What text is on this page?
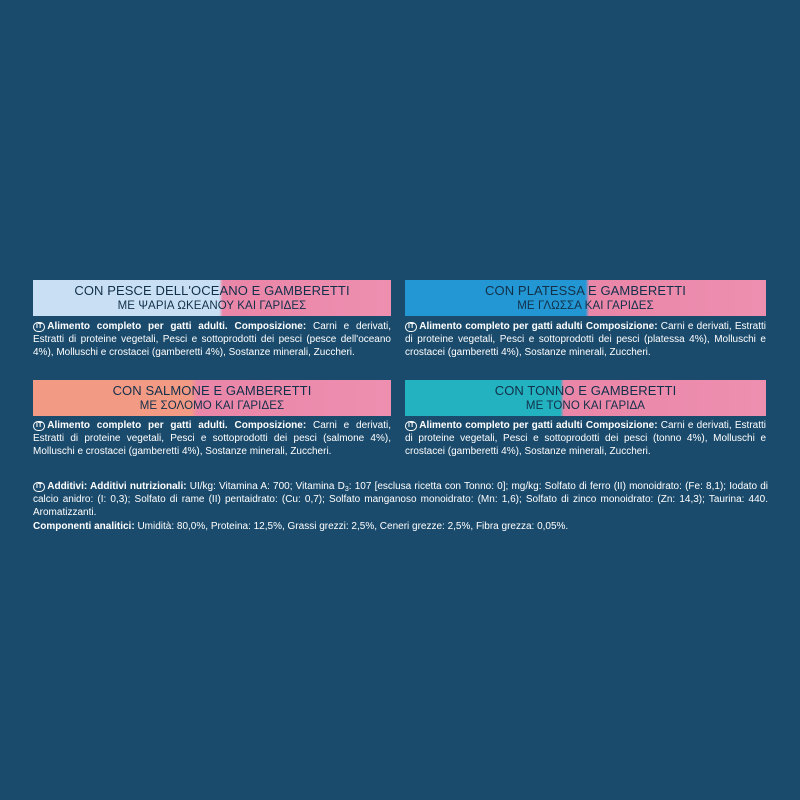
CON PESCE DELL'OCEANO E GAMBERETTI
ΜΕ ΨΑΡΙΑ ΩΚΕΑΝΟΥ ΚΑΙ ΓΑΡΙΔΕΣ
CON PLATESSA E GAMBERETTI
ΜΕ ΓΛΩΣΣΑ ΚΑΙ ΓΑΡΙΔΕΣ
IT Alimento completo per gatti adulti. Composizione: Carni e derivati, Estratti di proteine vegetali, Pesci e sottoprodotti dei pesci (pesce dell'oceano 4%), Molluschi e crostacei (gamberetti 4%), Sostanze minerali, Zuccheri.
IT Alimento completo per gatti adulti Composizione: Carni e derivati, Estratti di proteine vegetali, Pesci e sottoprodotti dei pesci (platessa 4%), Molluschi e crostacei (gamberetti 4%), Sostanze minerali, Zuccheri.
CON SALMONE E GAMBERETTI
ΜΕ ΣΟΛΟΜΟ ΚΑΙ ΓΑΡΙΔΕΣ
CON TONNO E GAMBERETTI
ΜΕ ΤΟΝΟ ΚΑΙ ΓΑΡΙΔΑ
IT Alimento completo per gatti adulti. Composizione: Carni e derivati, Estratti di proteine vegetali, Pesci e sottoprodotti dei pesci (salmone 4%), Molluschi e crostacei (gamberetti 4%), Sostanze minerali, Zuccheri.
IT Alimento completo per gatti adulti Composizione: Carni e derivati, Estratti di proteine vegetali, Pesci e sottoprodotti dei pesci (tonno 4%), Molluschi e crostacei (gamberetti 4%), Sostanze minerali, Zuccheri.
IT Additivi: Additivi nutrizionali: UI/kg: Vitamina A: 700; Vitamina $D_3$: 107 [esclusa ricetta con Tonno: 0]; mg/kg: Solfato di ferro (II) monoidrato: (Fe: 8,1); Iodato di calcio anidro: (I: 0,3); Solfato di rame (II) pentaidrato: (Cu: 0,7); Solfato manganoso monoidrato: (Mn: 1,6); Solfato di zinco monoidrato: (Zn: 14,3); Taurina: 440. Aromatizzanti.
Componenti analitici: Umidità: 80,0%, Proteina: 12,5%, Grassi grezzi: 2,5%, Ceneri grezze: 2,5%, Fibra grezza: 0,05%.
